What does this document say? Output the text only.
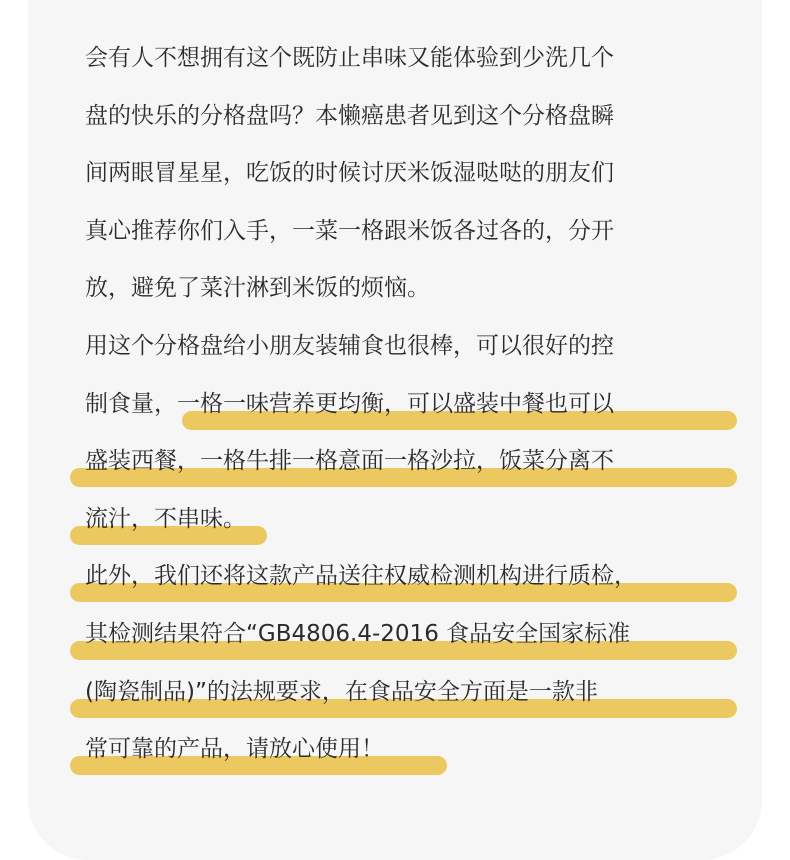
会有人不想拥有这个既防止串味又能体验到少洗几个
盘的快乐的分格盘吗？本懒癌患者见到这个分格盘瞬
间两眼冒星星，吃饭的时候讨厌米饭湿哒哒的朋友们
真心推荐你们入手，一菜一格跟米饭各过各的，分开
放，避免了菜汁淋到米饭的烦恼。
用这个分格盘给小朋友装辅食也很棒，可以很好的控
制食量，一格一味营养更均衡，可以盛装中餐也可以
盛装西餐，一格牛排一格意面一格沙拉，饭菜分离不
流汁，不串味。
此外，我们还将这款产品送往权威检测机构进行质检，
其检测结果符合“GB4806.4-2016 食品安全国家标准
(陶瓷制品)”的法规要求，在食品安全方面是一款非
常可靠的产品，请放心使用！
